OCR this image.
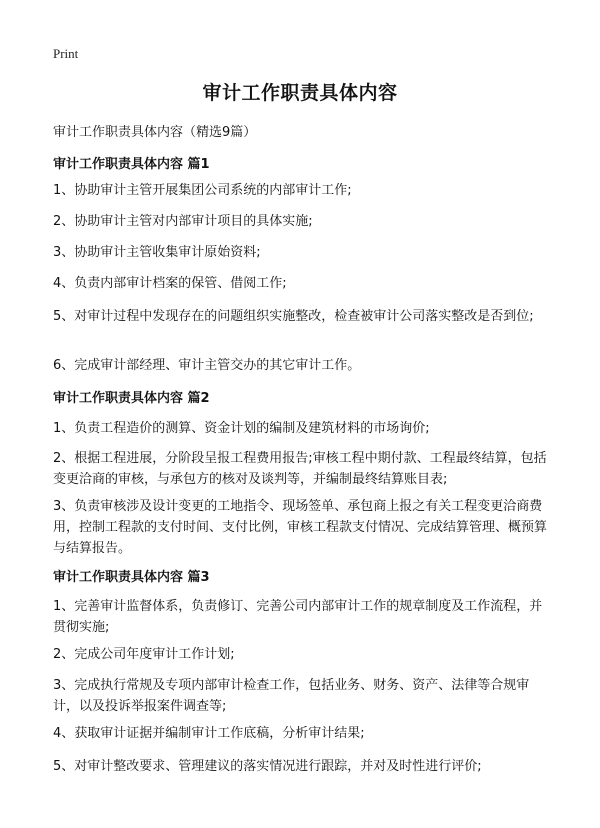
Print
审计工作职责具体内容
审计工作职责具体内容（精选9篇）
审计工作职责具体内容 篇1
1、协助审计主管开展集团公司系统的内部审计工作;
2、协助审计主管对内部审计项目的具体实施;
3、协助审计主管收集审计原始资料;
4、负责内部审计档案的保管、借阅工作;
5、对审计过程中发现存在的问题组织实施整改，检查被审计公司落实整改是否到位;
6、完成审计部经理、审计主管交办的其它审计工作。
审计工作职责具体内容 篇2
1、负责工程造价的测算、资金计划的编制及建筑材料的市场询价;
2、根据工程进展，分阶段呈报工程费用报告;审核工程中期付款、工程最终结算，包括变更洽商的审核，与承包方的核对及谈判等，并编制最终结算账目表;
3、负责审核涉及设计变更的工地指令、现场签单、承包商上报之有关工程变更洽商费用，控制工程款的支付时间、支付比例，审核工程款支付情况、完成结算管理、概预算与结算报告。
审计工作职责具体内容 篇3
1、完善审计监督体系，负责修订、完善公司内部审计工作的规章制度及工作流程，并贯彻实施;
2、完成公司年度审计工作计划;
3、完成执行常规及专项内部审计检查工作，包括业务、财务、资产、法律等合规审计，以及投诉举报案件调查等;
4、获取审计证据并编制审计工作底稿，分析审计结果;
5、对审计整改要求、管理建议的落实情况进行跟踪，并对及时性进行评价;
